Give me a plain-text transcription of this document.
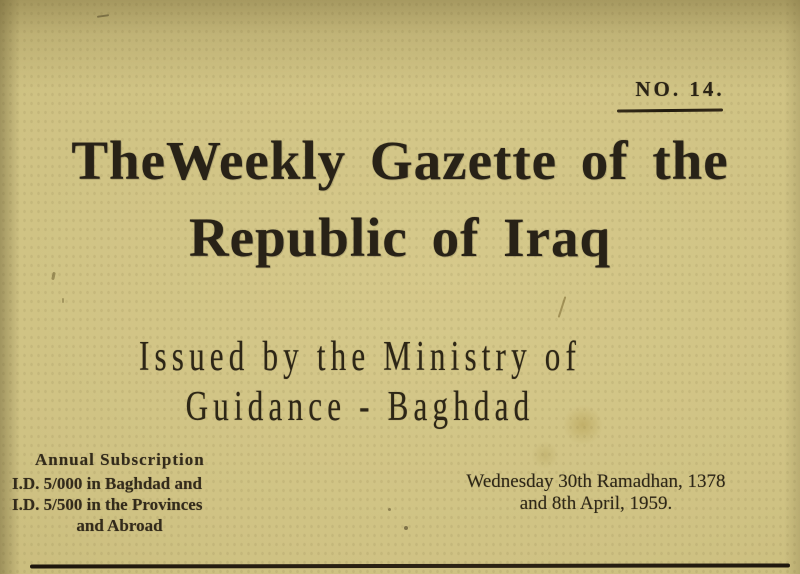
NO. 14.
TheWeekly Gazette of the
Republic of Iraq
Issued by the Ministry of
Guidance - Baghdad
Annual Subscription
I.D. 5/000 in Baghdad and
I.D. 5/500 in the Provinces
and Abroad
Wednesday 30th Ramadhan, 1378
and 8th April, 1959.
